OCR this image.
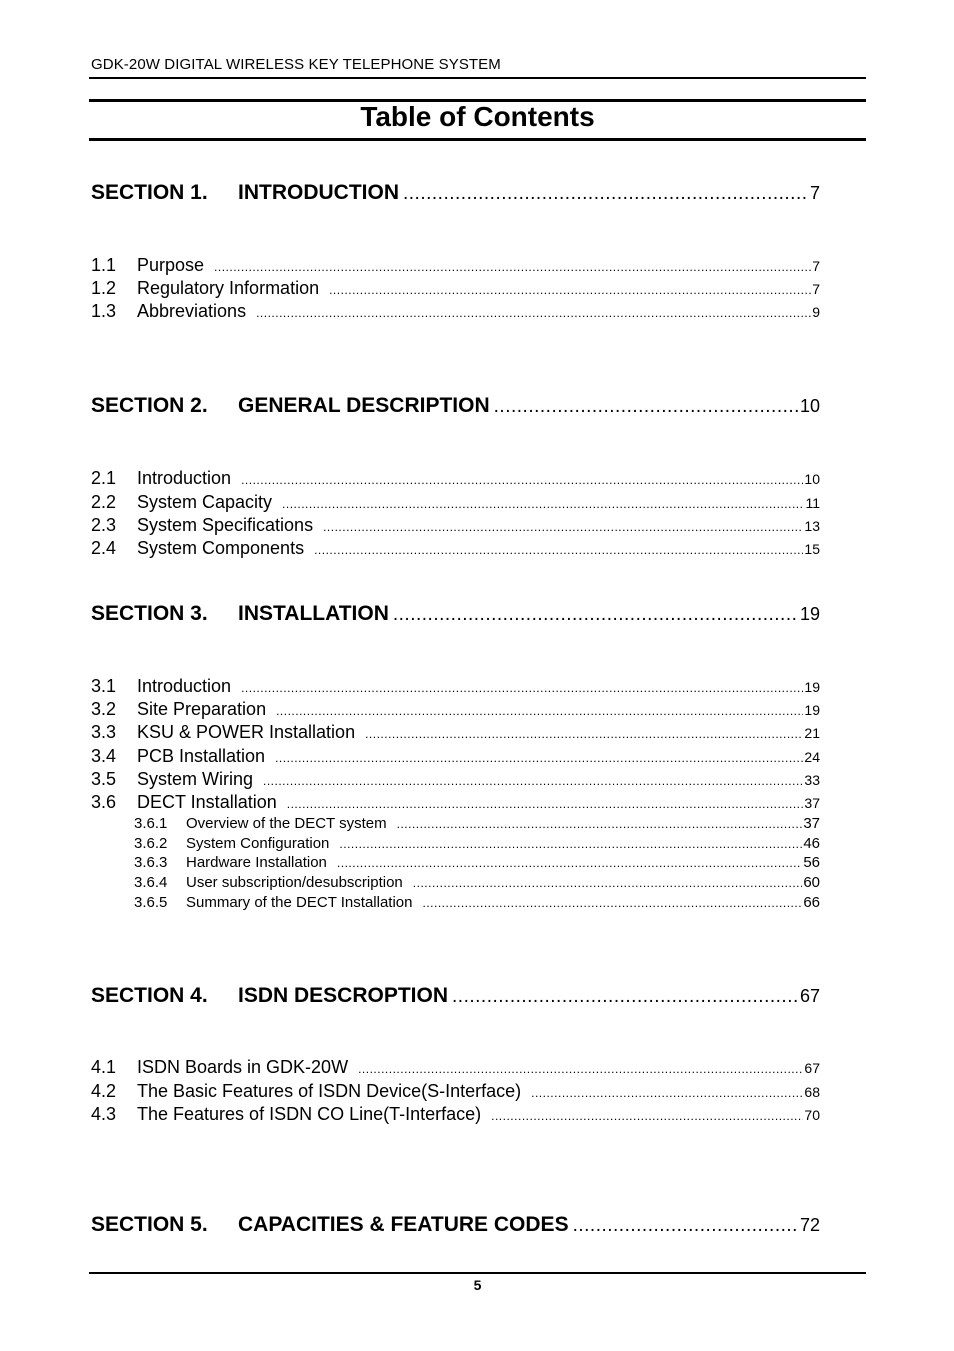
GDK-20W DIGITAL WIRELESS KEY TELEPHONE SYSTEM
Table of Contents
SECTION 1.	INTRODUCTION .....	7
1.1	Purpose .....	7
1.2	Regulatory Information .....	7
1.3	Abbreviations .....	9
SECTION 2.	GENERAL DESCRIPTION .....	10
2.1	Introduction .....	10
2.2	System Capacity .....	11
2.3	System Specifications .....	13
2.4	System Components .....	15
SECTION 3.	INSTALLATION .....	19
3.1	Introduction .....	19
3.2	Site Preparation .....	19
3.3	KSU & POWER Installation .....	21
3.4	PCB Installation .....	24
3.5	System Wiring .....	33
3.6	DECT Installation .....	37
3.6.1	Overview of the DECT system .....	37
3.6.2	System Configuration .....	46
3.6.3	Hardware Installation .....	56
3.6.4	User subscription/desubscription .....	60
3.6.5	Summary of the DECT Installation .....	66
SECTION 4.	ISDN DESCROPTION .....	67
4.1	ISDN Boards in GDK-20W .....	67
4.2	The Basic Features of ISDN Device(S-Interface) .....	68
4.3	The Features of ISDN CO Line(T-Interface) .....	70
SECTION 5.	CAPACITIES & FEATURE CODES .....	72
5
